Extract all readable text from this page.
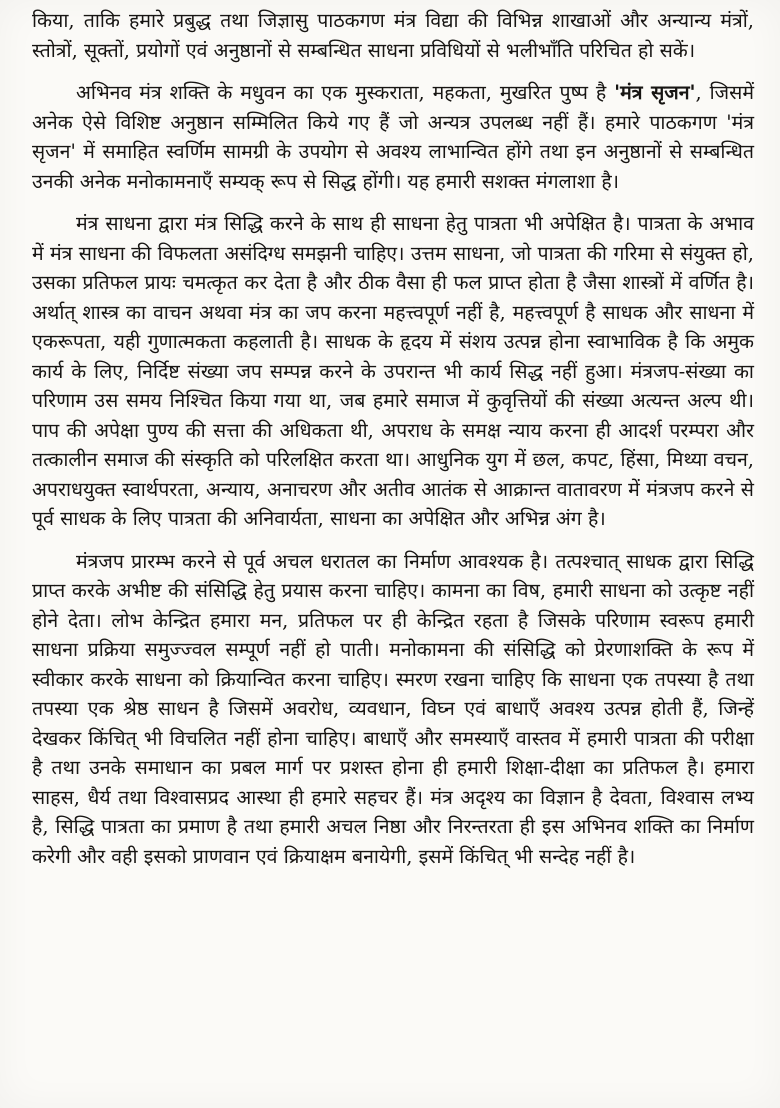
किया, ताकि हमारे प्रबुद्ध तथा जिज्ञासु पाठकगण मंत्र विद्या की विभिन्न शाखाओं और अन्यान्य मंत्रों, स्तोत्रों, सूक्तों, प्रयोगों एवं अनुष्ठानों से सम्बन्धित साधना प्रविधियों से भलीभाँति परिचित हो सकें।

अभिनव मंत्र शक्ति के मधुवन का एक मुस्कराता, महकता, मुखरित पुष्प है 'मंत्र सृजन', जिसमें अनेक ऐसे विशिष्ट अनुष्ठान सम्मिलित किये गए हैं जो अन्यत्र उपलब्ध नहीं हैं। हमारे पाठकगण 'मंत्र सृजन' में समाहित स्वर्णिम सामग्री के उपयोग से अवश्य लाभान्वित होंगे तथा इन अनुष्ठानों से सम्बन्धित उनकी अनेक मनोकामनाएँ सम्यक् रूप से सिद्ध होंगी। यह हमारी सशक्त मंगलाशा है।

मंत्र साधना द्वारा मंत्र सिद्धि करने के साथ ही साधना हेतु पात्रता भी अपेक्षित है। पात्रता के अभाव में मंत्र साधना की विफलता असंदिग्ध समझनी चाहिए। उत्तम साधना, जो पात्रता की गरिमा से संयुक्त हो, उसका प्रतिफल प्रायः चमत्कृत कर देता है और ठीक वैसा ही फल प्राप्त होता है जैसा शास्त्रों में वर्णित है। अर्थात् शास्त्र का वाचन अथवा मंत्र का जप करना महत्त्वपूर्ण नहीं है, महत्त्वपूर्ण है साधक और साधना में एकरूपता, यही गुणात्मकता कहलाती है। साधक के हृदय में संशय उत्पन्न होना स्वाभाविक है कि अमुक कार्य के लिए, निर्दिष्ट संख्या जप सम्पन्न करने के उपरान्त भी कार्य सिद्ध नहीं हुआ। मंत्रजप-संख्या का परिणाम उस समय निश्चित किया गया था, जब हमारे समाज में कुवृत्तियों की संख्या अत्यन्त अल्प थी। पाप की अपेक्षा पुण्य की सत्ता की अधिकता थी, अपराध के समक्ष न्याय करना ही आदर्श परम्परा और तत्कालीन समाज की संस्कृति को परिलक्षित करता था। आधुनिक युग में छल, कपट, हिंसा, मिथ्या वचन, अपराधयुक्त स्वार्थपरता, अन्याय, अनाचरण और अतीव आतंक से आक्रान्त वातावरण में मंत्रजप करने से पूर्व साधक के लिए पात्रता की अनिवार्यता, साधना का अपेक्षित और अभिन्न अंग है।

मंत्रजप प्रारम्भ करने से पूर्व अचल धरातल का निर्माण आवश्यक है। तत्पश्चात् साधक द्वारा सिद्धि प्राप्त करके अभीष्ट की संसिद्धि हेतु प्रयास करना चाहिए। कामना का विष, हमारी साधना को उत्कृष्ट नहीं होने देता। लोभ केन्द्रित हमारा मन, प्रतिफल पर ही केन्द्रित रहता है जिसके परिणाम स्वरूप हमारी साधना प्रक्रिया समुज्ज्वल सम्पूर्ण नहीं हो पाती। मनोकामना की संसिद्धि को प्रेरणाशक्ति के रूप में स्वीकार करके साधना को क्रियान्वित करना चाहिए। स्मरण रखना चाहिए कि साधना एक तपस्या है तथा तपस्या एक श्रेष्ठ साधन है जिसमें अवरोध, व्यवधान, विघ्न एवं बाधाएँ अवश्य उत्पन्न होती हैं, जिन्हें देखकर किंचित् भी विचलित नहीं होना चाहिए। बाधाएँ और समस्याएँ वास्तव में हमारी पात्रता की परीक्षा है तथा उनके समाधान का प्रबल मार्ग पर प्रशस्त होना ही हमारी शिक्षा-दीक्षा का प्रतिफल है। हमारा साहस, धैर्य तथा विश्वासप्रद आस्था ही हमारे सहचर हैं। मंत्र अदृश्य का विज्ञान है देवता, विश्वास लभ्य है, सिद्धि पात्रता का प्रमाण है तथा हमारी अचल निष्ठा और निरन्तरता ही इस अभिनव शक्ति का निर्माण करेगी और वही इसको प्राणवान एवं क्रियाक्षम बनायेगी, इसमें किंचित् भी सन्देह नहीं है।
